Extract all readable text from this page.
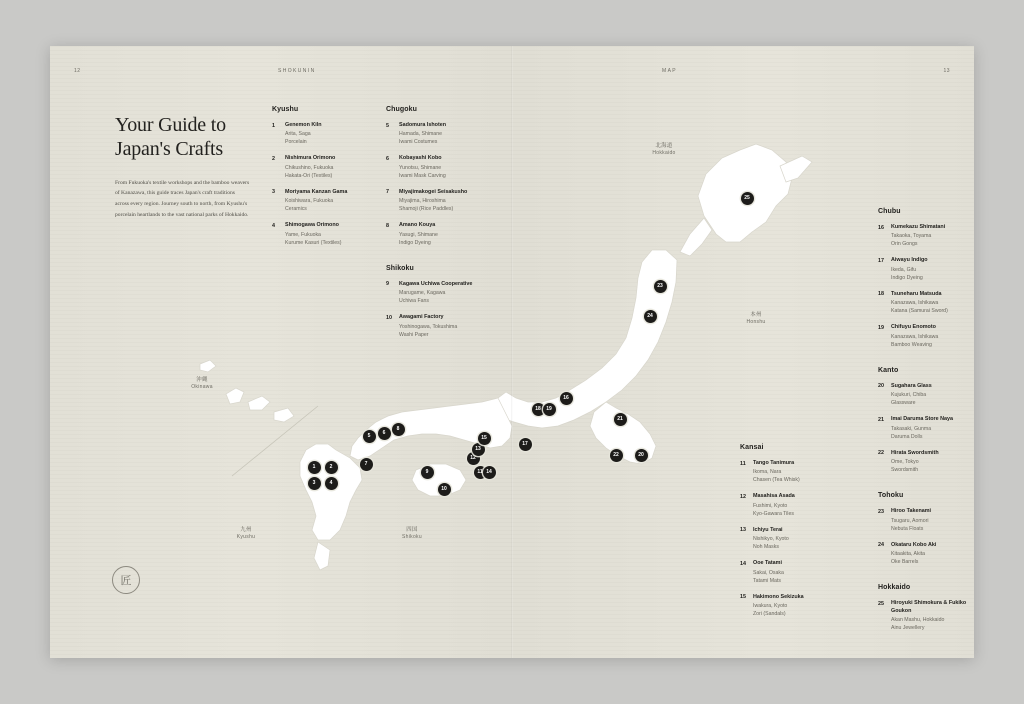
12	SHOKUNIN	MAP	13
北海道
Hokkaido
本州
Honshu
沖縄
Okinawa
九州
Kyushu
四国
Shikoku
1	2
3	4
5	6
7
8
9
10
11
12
13
14
15
16
17
18	19
20
21
22
23
24
25
Your Guide to
Japan's Crafts

From Fukuoka's textile workshops and the bamboo weavers of Kanazawa, this guide traces Japan's craft traditions across every region. Journey south to north, from Kyushu's porcelain heartlands to the vast national parks of Hokkaido.

匠
Kyushu
1	Genemon Kiln
Arita, Saga
Porcelain
2	Nishimura Orimono
Chikushino, Fukuoka
Hakata-Ori (Textiles)
3	Moriyama Kanzan Gama
Koishiwara, Fukuoka
Ceramics
4	Shimogawa Orimono
Yame, Fukuoka
Kurume Kasuri (Textiles)
Chugoku
5	Sadomura Ishoten
Hamada, Shimane
Iwami Costumes
6	Kobayashi Kobo
Yunotsu, Shimane
Iwami Mask Carving
7	Miyajimakogei Seisakusho
Miyajima, Hiroshima
Shamoji (Rice Paddles)
8	Amano Kouya
Yasugi, Shimane
Indigo Dyeing
Shikoku
9	Kagawa Uchiwa Cooperative
Marugame, Kagawa
Uchiwa Fans
10	Awagami Factory
Yoshinogawa, Tokushima
Washi Paper
Kansai
11	Tango Tanimura
Ikoma, Nara
Chasen (Tea Whisk)
12	Masahisa Asada
Fushimi, Kyoto
Kyo-Gawara Tiles
13	Ichiyu Terai
Nishikyo, Kyoto
Noh Masks
14	Ooe Tatami
Sakai, Osaka
Tatami Mats
15	Hakimono Sekizuka
Iwakura, Kyoto
Zori (Sandals)
Chubu
16	Kumekazu Shimatani
Takaoka, Toyama
Orin Gongs
17	Aiwayu Indigo
Ikeda, Gifu
Indigo Dyeing
18	Tsuneharu Matsuda
Kanazawa, Ishikawa
Katana (Samurai Sword)
19	Chifuyu Enomoto
Kanazawa, Ishikawa
Bamboo Weaving
Kanto
20	Sugahara Glass
Kujukuri, Chiba
Glassware
21	Imai Daruma Store Naya
Takasaki, Gunma
Daruma Dolls
22	Hirata Swordsmith
Ome, Tokyo
Swordsmith
Tohoku
23	Hiroo Takenami
Tsugaru, Aomori
Nebuta Floats
24	Okataru Kobo Aki
Kitaakita, Akita
Oke Barrels
Hokkaido
25	Hiroyuki Shimokura & Fukiko Goukon
Akan Mashu, Hokkaido
Ainu Jewellery
